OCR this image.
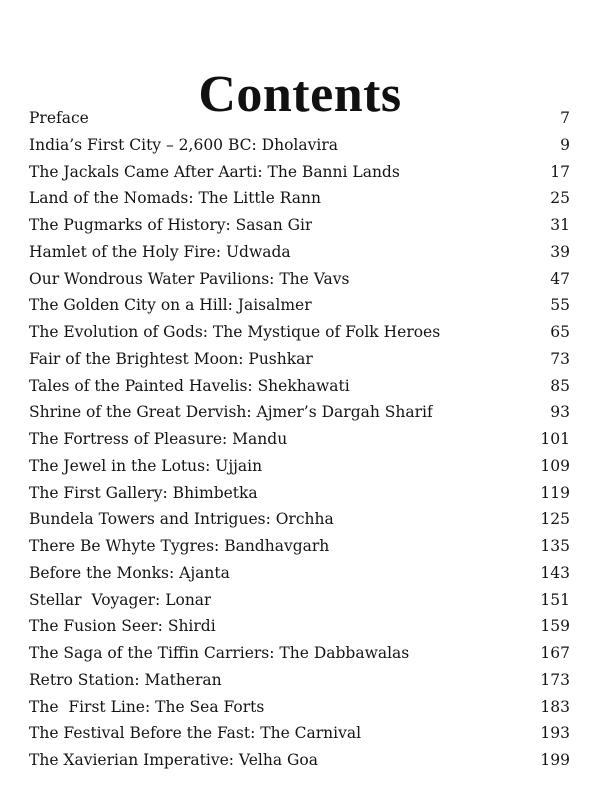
Contents
Preface	7
India’s First City – 2,600 BC: Dholavira	9
The Jackals Came After Aarti: The Banni Lands	17
Land of the Nomads: The Little Rann	25
The Pugmarks of History: Sasan Gir	31
Hamlet of the Holy Fire: Udwada	39
Our Wondrous Water Pavilions: The Vavs	47
The Golden City on a Hill: Jaisalmer	55
The Evolution of Gods: The Mystique of Folk Heroes	65
Fair of the Brightest Moon: Pushkar	73
Tales of the Painted Havelis: Shekhawati	85
Shrine of the Great Dervish: Ajmer’s Dargah Sharif	93
The Fortress of Pleasure: Mandu	101
The Jewel in the Lotus: Ujjain	109
The First Gallery: Bhimbetka	119
Bundela Towers and Intrigues: Orchha	125
There Be Whyte Tygres: Bandhavgarh	135
Before the Monks: Ajanta	143
Stellar  Voyager: Lonar	151
The Fusion Seer: Shirdi	159
The Saga of the Tiffin Carriers: The Dabbawalas	167
Retro Station: Matheran	173
The  First Line: The Sea Forts	183
The Festival Before the Fast: The Carnival	193
The Xavierian Imperative: Velha Goa	199
